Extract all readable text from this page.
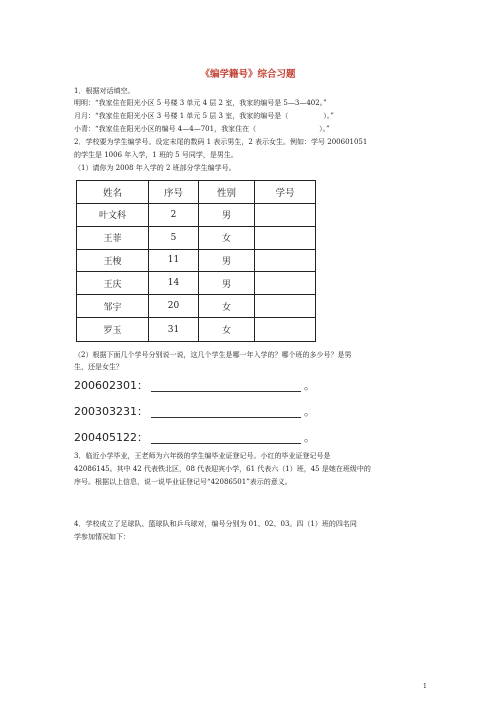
《编学籍号》综合习题
1．根据对话填空。
明明：“我家住在阳光小区 5 号楼 3 单元 4 层 2 室，我家的编号是 5—3—402。”
月月：“我家住在阳光小区 3 号楼 1 单元 5 层 3 室，我家的编号是（　　　　　）。”
小青：“我家住在阳光小区的编号 4—4—701，我家住在（　　　　　　　　　）。”
2．学校要为学生编学号。设定末尾的数码 1 表示男生，2 表示女生。例如：学号 200601051
的学生是 1006 年入学，1 班的 5 号同学，是男生。
（1）请你为 2008 年入学的 2 班部分学生编学号。
姓名	序号	性别	学号
叶文科	2	男
王菲	5	女
王梭	11	男
王庆	14	男
邹宇	20	女
罗玉	31	女
（2）根据下面几个学号分别说一说，这几个学生是哪一年入学的？哪个班的多少号？是男
生，还是女生？
200602301：	。
200303231：	。
200405122：	。
3．临近小学毕业，王老师为六年级的学生编毕业证登记号。小红的毕业证登记号是
42086145。其中 42 代表铁北区，08 代表迎宾小学，61 代表六（1）班，45 是她在班级中的
序号。根据以上信息，说一说毕业证登记号“42086501”表示的意义。
4．学校成立了足球队、篮球队和乒乓球对，编号分别为 01、02、03。四（1）班的四名同
学参加情况如下：
1
